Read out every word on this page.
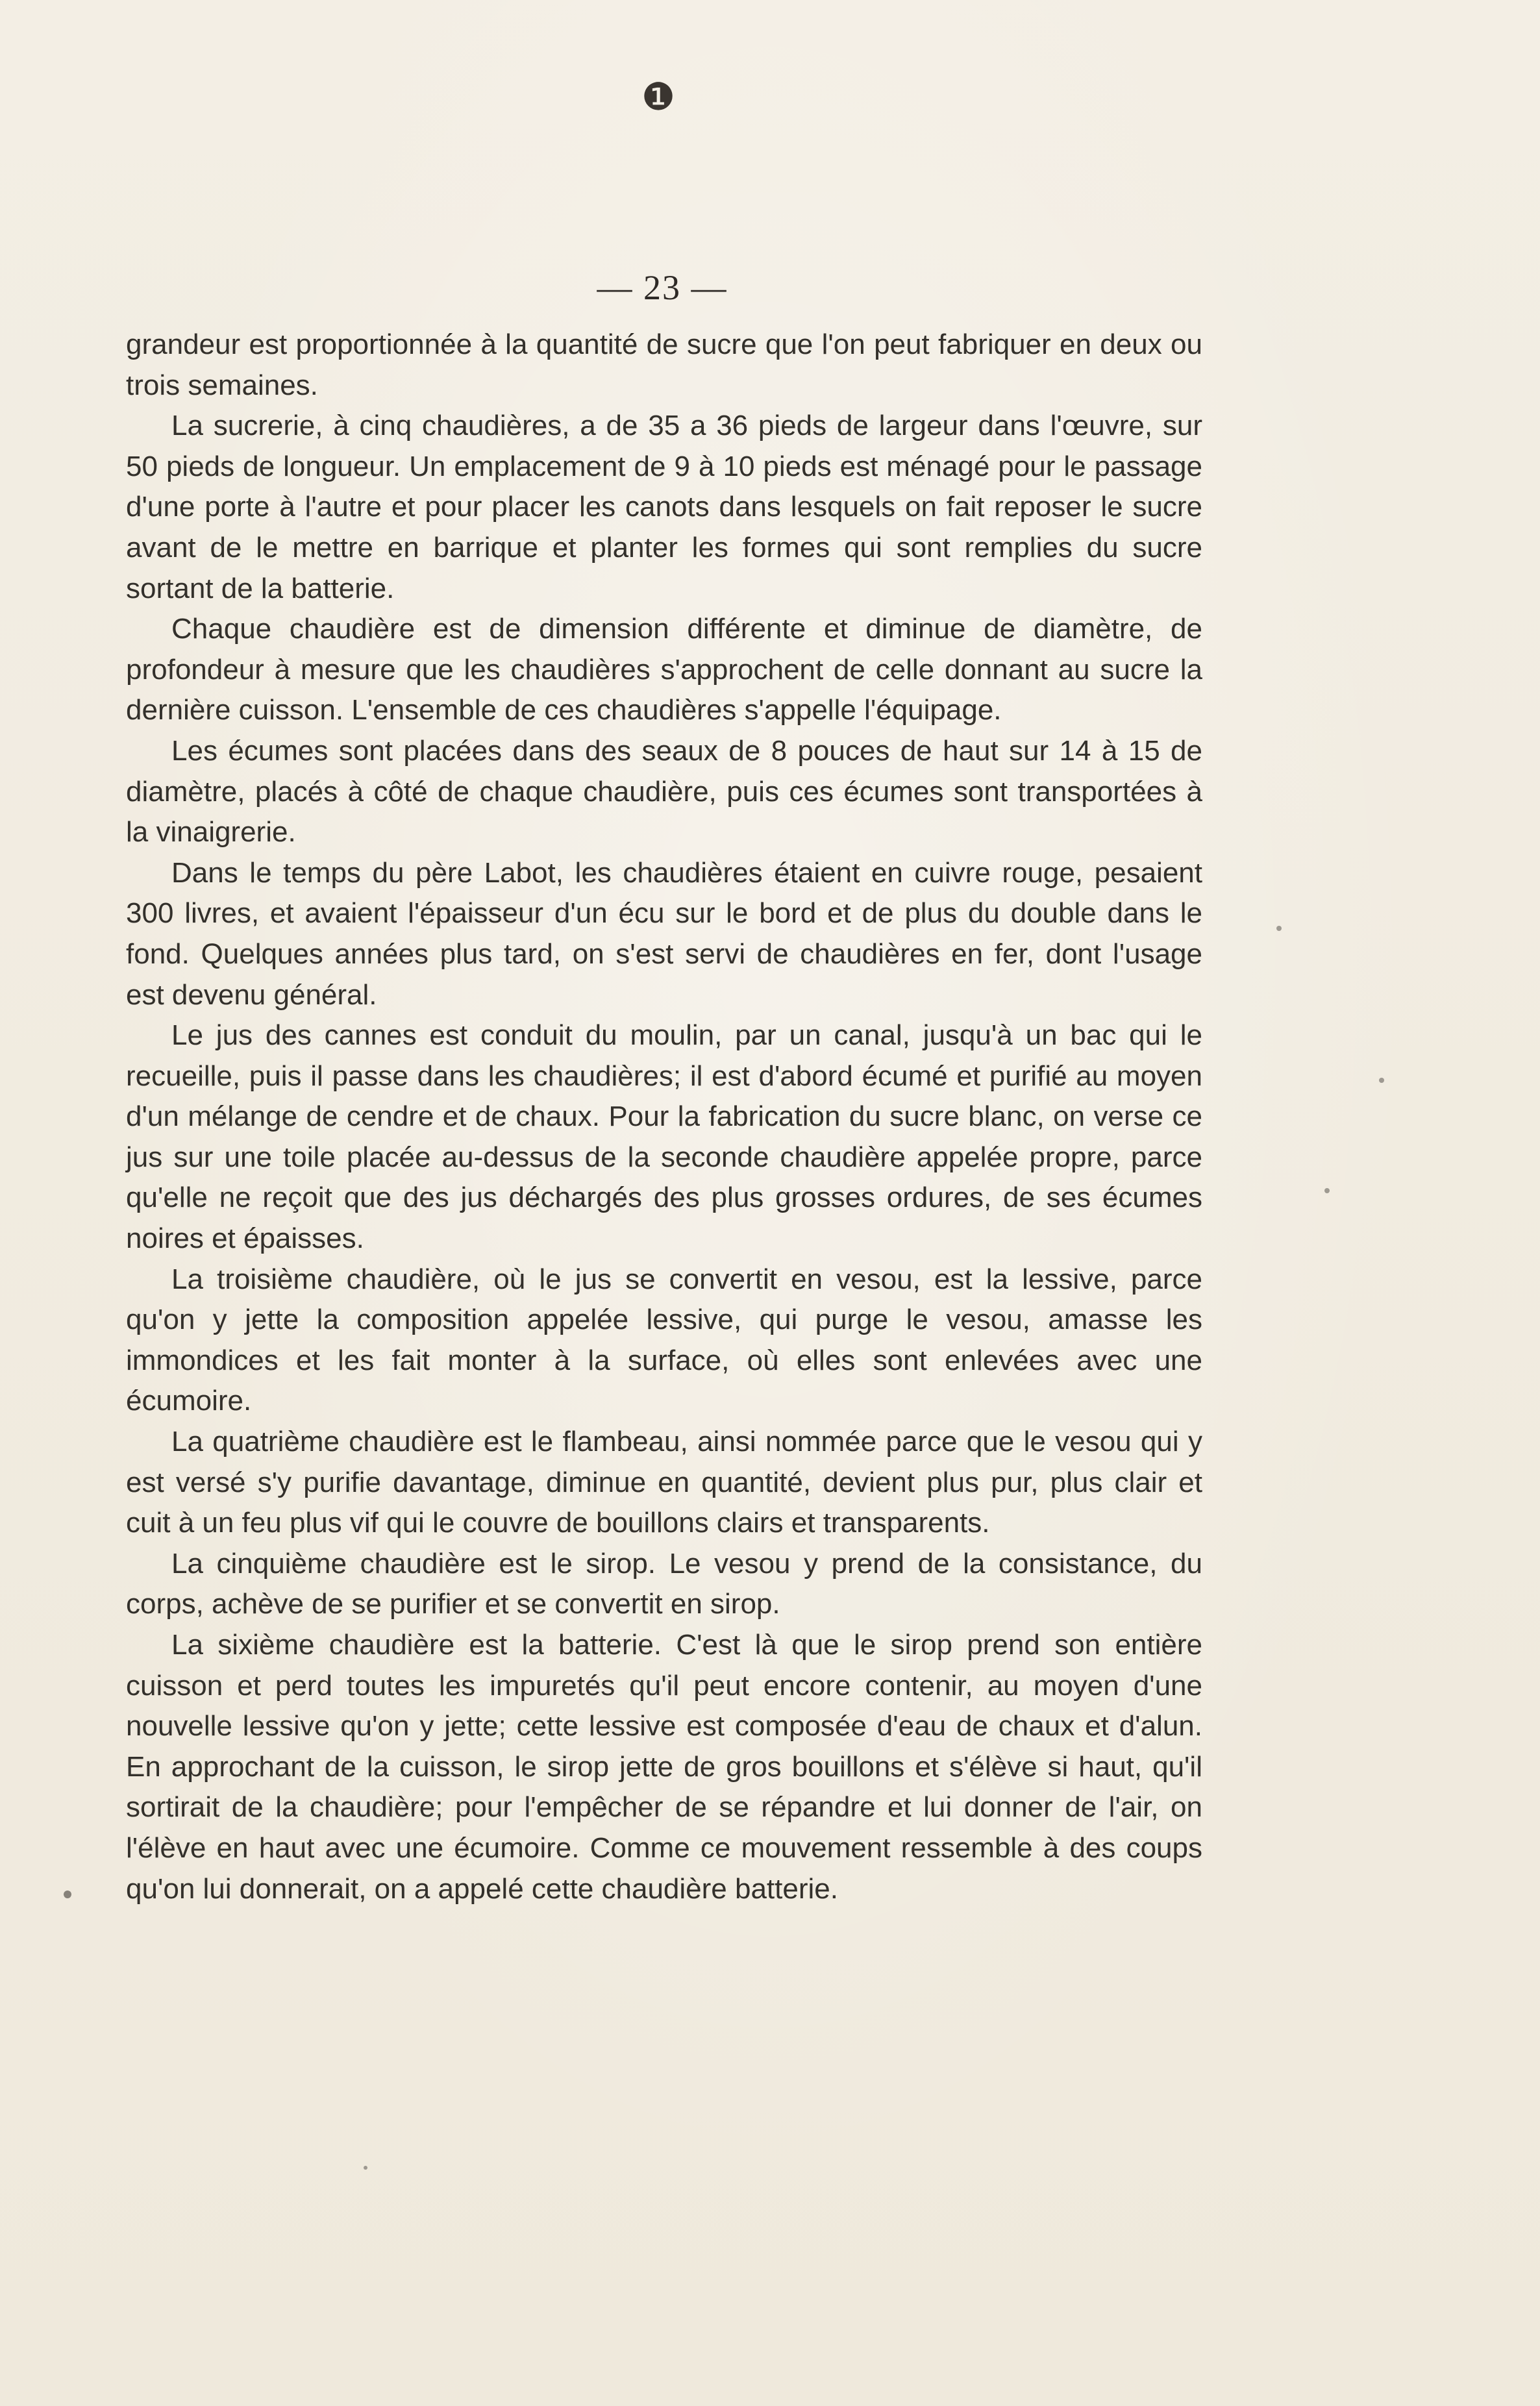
❶
— 23 —

grandeur est proportionnée à la quantité de sucre que l'on peut fabriquer en deux ou trois semaines.

La sucrerie, à cinq chaudières, a de 35 a 36 pieds de largeur dans l'œuvre, sur 50 pieds de longueur. Un emplacement de 9 à 10 pieds est ménagé pour le passage d'une porte à l'autre et pour placer les canots dans lesquels on fait reposer le sucre avant de le mettre en barrique et planter les formes qui sont remplies du sucre sortant de la batterie.

Chaque chaudière est de dimension différente et diminue de diamètre, de profondeur à mesure que les chaudières s'approchent de celle donnant au sucre la dernière cuisson. L'ensemble de ces chaudières s'appelle l'équipage.

Les écumes sont placées dans des seaux de 8 pouces de haut sur 14 à 15 de diamètre, placés à côté de chaque chaudière, puis ces écumes sont transportées à la vinaigrerie.

Dans le temps du père Labot, les chaudières étaient en cuivre rouge, pesaient 300 livres, et avaient l'épaisseur d'un écu sur le bord et de plus du double dans le fond. Quelques années plus tard, on s'est servi de chaudières en fer, dont l'usage est devenu général.

Le jus des cannes est conduit du moulin, par un canal, jusqu'à un bac qui le recueille, puis il passe dans les chaudières; il est d'abord écumé et purifié au moyen d'un mélange de cendre et de chaux. Pour la fabrication du sucre blanc, on verse ce jus sur une toile placée au-dessus de la seconde chaudière appelée propre, parce qu'elle ne reçoit que des jus déchargés des plus grosses ordures, de ses écumes noires et épaisses.

La troisième chaudière, où le jus se convertit en vesou, est la lessive, parce qu'on y jette la composition appelée lessive, qui purge le vesou, amasse les immondices et les fait monter à la surface, où elles sont enlevées avec une écumoire.

La quatrième chaudière est le flambeau, ainsi nommée parce que le vesou qui y est versé s'y purifie davantage, diminue en quantité, devient plus pur, plus clair et cuit à un feu plus vif qui le couvre de bouillons clairs et transparents.

La cinquième chaudière est le sirop. Le vesou y prend de la consistance, du corps, achève de se purifier et se convertit en sirop.

La sixième chaudière est la batterie. C'est là que le sirop prend son entière cuisson et perd toutes les impuretés qu'il peut encore contenir, au moyen d'une nouvelle lessive qu'on y jette; cette lessive est composée d'eau de chaux et d'alun. En approchant de la cuisson, le sirop jette de gros bouillons et s'élève si haut, qu'il sortirait de la chaudière; pour l'empêcher de se répandre et lui donner de l'air, on l'élève en haut avec une écumoire. Comme ce mouvement ressemble à des coups qu'on lui donnerait, on a appelé cette chaudière batterie.
